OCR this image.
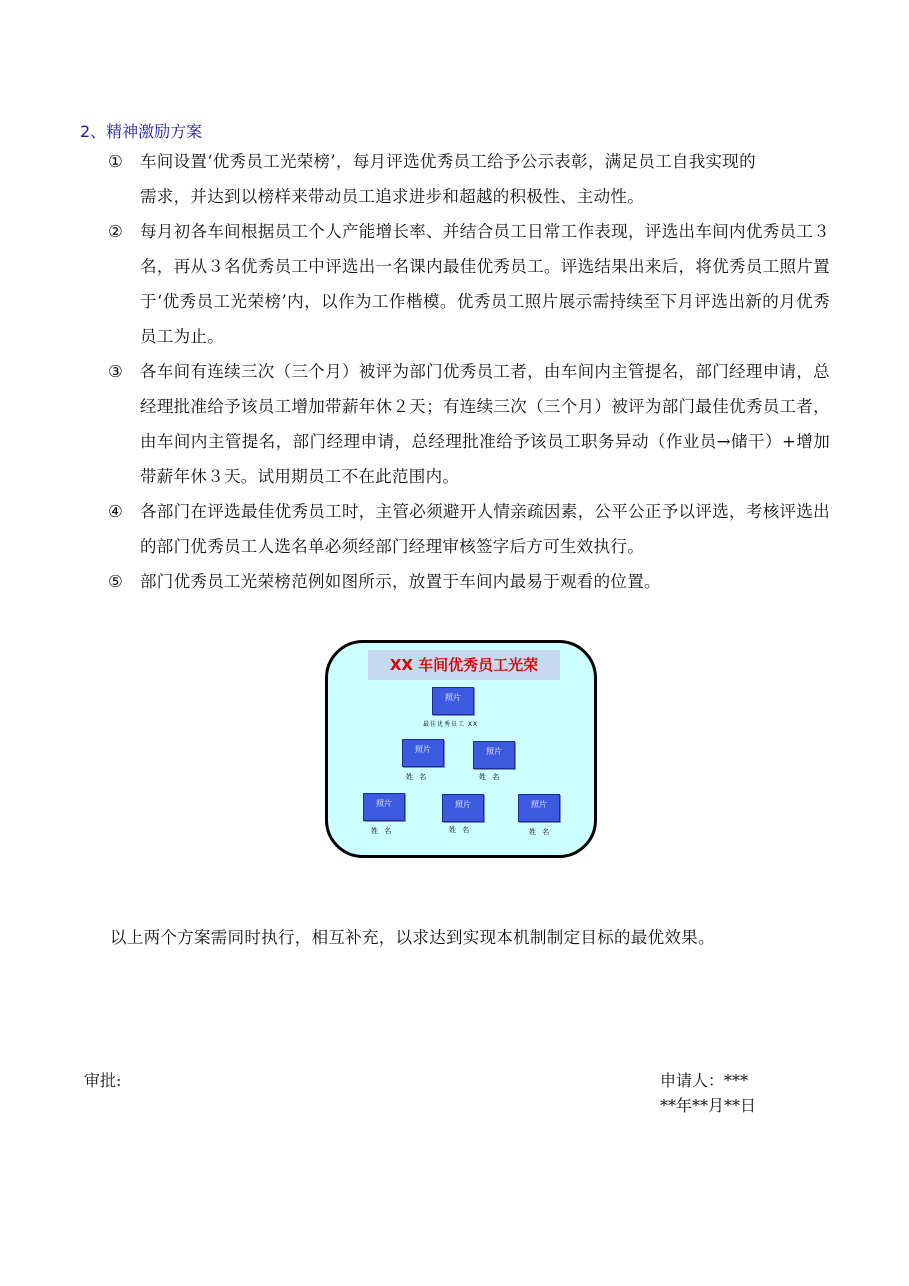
2、精神激励方案
① 车间设置‘优秀员工光荣榜’，每月评选优秀员工给予公示表彰，满足员工自我实现的

需求，并达到以榜样来带动员工追求进步和超越的积极性、主动性。

② 每月初各车间根据员工个人产能增长率、并结合员工日常工作表现，评选出车间内优秀员工３名，再从３名优秀员工中评选出一名课内最佳优秀员工。评选结果出来后，将优秀员工照片置于‘优秀员工光荣榜’内，以作为工作楷模。优秀员工照片展示需持续至下月评选出新的月优秀员工为止。

③ 各车间有连续三次（三个月）被评为部门优秀员工者，由车间内主管提名，部门经理申请，总经理批准给予该员工增加带薪年休２天；有连续三次（三个月）被评为部门最佳优秀员工者，由车间内主管提名，部门经理申请，总经理批准给予该员工职务异动（作业员→储干）+增加带薪年休３天。试用期员工不在此范围内。

④ 各部门在评选最佳优秀员工时，主管必须避开人情亲疏因素，公平公正予以评选，考核评选出的部门优秀员工人选名单必须经部门经理审核签字后方可生效执行。

⑤ 部门优秀员工光荣榜范例如图所示，放置于车间内最易于观看的位置。

XX 车间优秀员工光荣
照片
最佳优秀员工 XX
照片
姓 名
照片
姓 名
照片
姓 名
照片
姓 名
照片
姓 名
以上两个方案需同时执行，相互补充，以求达到实现本机制制定目标的最优效果。
审批:	申请人：***
**年**月**日
